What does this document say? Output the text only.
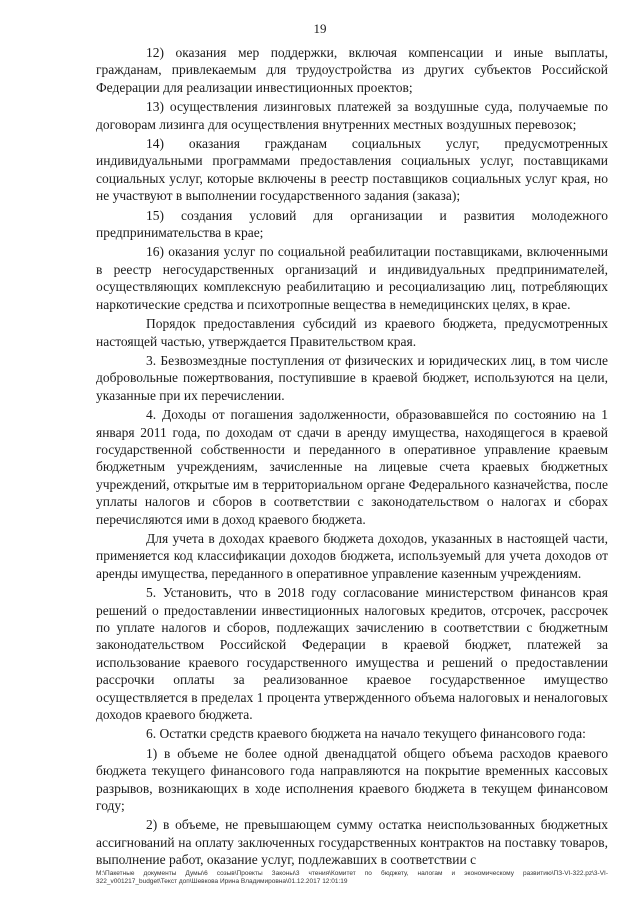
19

12) оказания мер поддержки, включая компенсации и иные выплаты, гражданам, привлекаемым для трудоустройства из других субъектов Российской Федерации для реализации инвестиционных проектов;

13) осуществления лизинговых платежей за воздушные суда, получаемые по договорам лизинга для осуществления внутренних местных воздушных перевозок;

14) оказания гражданам социальных услуг, предусмотренных индивидуальными программами предоставления социальных услуг, поставщиками социальных услуг, которые включены в реестр поставщиков социальных услуг края, но не участвуют в выполнении государственного задания (заказа);

15) создания условий для организации и развития молодежного предпринимательства в крае;

16) оказания услуг по социальной реабилитации поставщиками, включенными в реестр негосударственных организаций и индивидуальных предпринимателей, осуществляющих комплексную реабилитацию и ресоциализацию лиц, потребляющих наркотические средства и психотропные вещества в немедицинских целях, в крае.

Порядок предоставления субсидий из краевого бюджета, предусмотренных настоящей частью, утверждается Правительством края.

3. Безвозмездные поступления от физических и юридических лиц, в том числе добровольные пожертвования, поступившие в краевой бюджет, используются на цели, указанные при их перечислении.

4. Доходы от погашения задолженности, образовавшейся по состоянию на 1 января 2011 года, по доходам от сдачи в аренду имущества, находящегося в краевой государственной собственности и переданного в оперативное управление краевым бюджетным учреждениям, зачисленные на лицевые счета краевых бюджетных учреждений, открытые им в территориальном органе Федерального казначейства, после уплаты налогов и сборов в соответствии с законодательством о налогах и сборах перечисляются ими в доход краевого бюджета.

Для учета в доходах краевого бюджета доходов, указанных в настоящей части, применяется код классификации доходов бюджета, используемый для учета доходов от аренды имущества, переданного в оперативное управление казенным учреждениям.

5. Установить, что в 2018 году согласование министерством финансов края решений о предоставлении инвестиционных налоговых кредитов, отсрочек, рассрочек по уплате налогов и сборов, подлежащих зачислению в соответствии с бюджетным законодательством Российской Федерации в краевой бюджет, платежей за использование краевого государственного имущества и решений о предоставлении рассрочки оплаты за реализованное краевое государственное имущество осуществляется в пределах 1 процента утвержденного объема налоговых и неналоговых доходов краевого бюджета.

6. Остатки средств краевого бюджета на начало текущего финансового года:

1) в объеме не более одной двенадцатой общего объема расходов краевого бюджета текущего финансового года направляются на покрытие временных кассовых разрывов, возникающих в ходе исполнения краевого бюджета в текущем финансовом году;

2) в объеме, не превышающем сумму остатка неиспользованных бюджетных ассигнований на оплату заключенных государственных контрактов на поставку товаров, выполнение работ, оказание услуг, подлежавших в соответствии с

М:\Пакетные документы Думы\6 созыв\Проекты Законы\3 чтения\Комитет по бюджету, налогам и экономическому развитию\ПЗ-VI-322.pz\3-VI-322_v001217_budget\Текст доп\Шевкова Ирина Владимировна\01.12.2017 12:01:19
